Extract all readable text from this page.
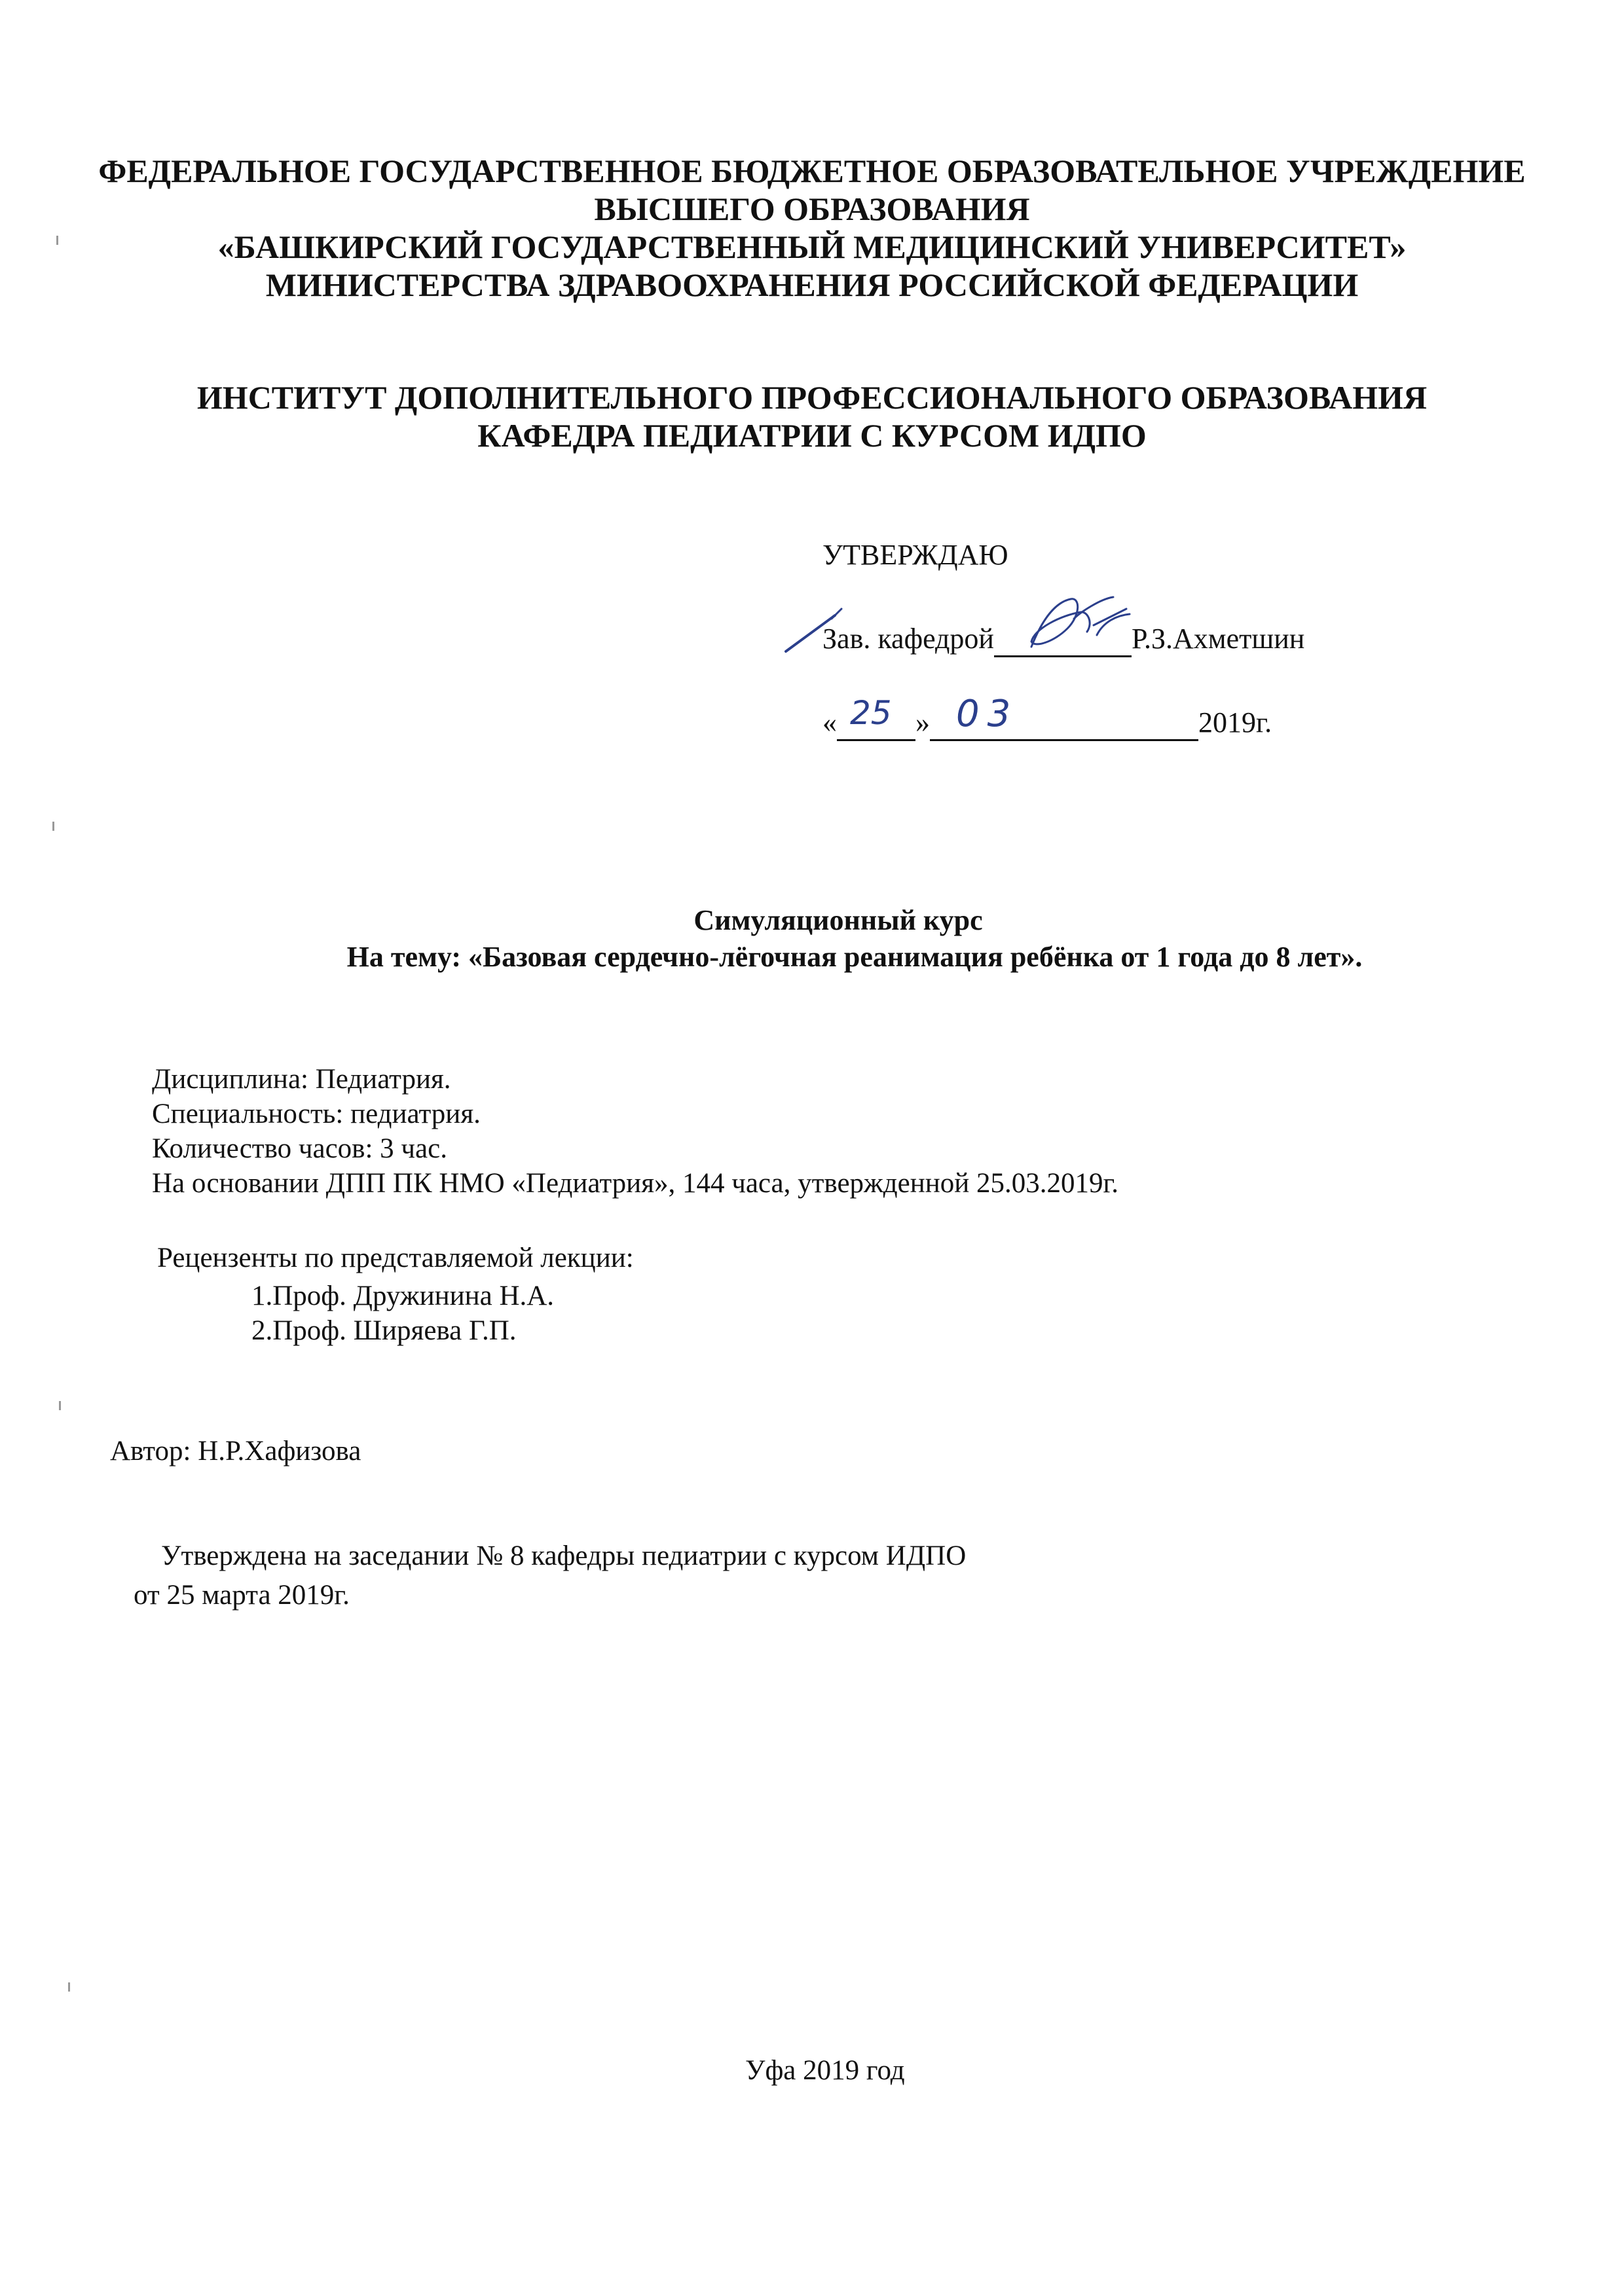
ФЕДЕРАЛЬНОЕ ГОСУДАРСТВЕННОЕ БЮДЖЕТНОЕ ОБРАЗОВАТЕЛЬНОЕ УЧРЕЖДЕНИЕ
ВЫСШЕГО ОБРАЗОВАНИЯ
«БАШКИРСКИЙ ГОСУДАРСТВЕННЫЙ МЕДИЦИНСКИЙ УНИВЕРСИТЕТ»
МИНИСТЕРСТВА ЗДРАВООХРАНЕНИЯ РОССИЙСКОЙ ФЕДЕРАЦИИ
ИНСТИТУТ ДОПОЛНИТЕЛЬНОГО ПРОФЕССИОНАЛЬНОГО ОБРАЗОВАНИЯ
КАФЕДРА ПЕДИАТРИИ С КУРСОМ ИДПО
УТВЕРЖДАЮ
Зав. кафедрой	Р.З.Ахметшин
« 25 » 03	2019г.
Симуляционный курс
На тему: «Базовая сердечно-лёгочная реанимация ребёнка от 1 года до 8 лет».
Дисциплина: Педиатрия.
Специальность: педиатрия.
Количество часов: 3 час.
На основании ДПП ПК НМО «Педиатрия», 144 часа, утвержденной 25.03.2019г.
Рецензенты по представляемой лекции:
1.Проф. Дружинина Н.А.
2.Проф. Ширяева Г.П.
Автор: Н.Р.Хафизова
Утверждена на заседании № 8 кафедры педиатрии с курсом ИДПО
от 25 марта 2019г.
Уфа 2019 год
